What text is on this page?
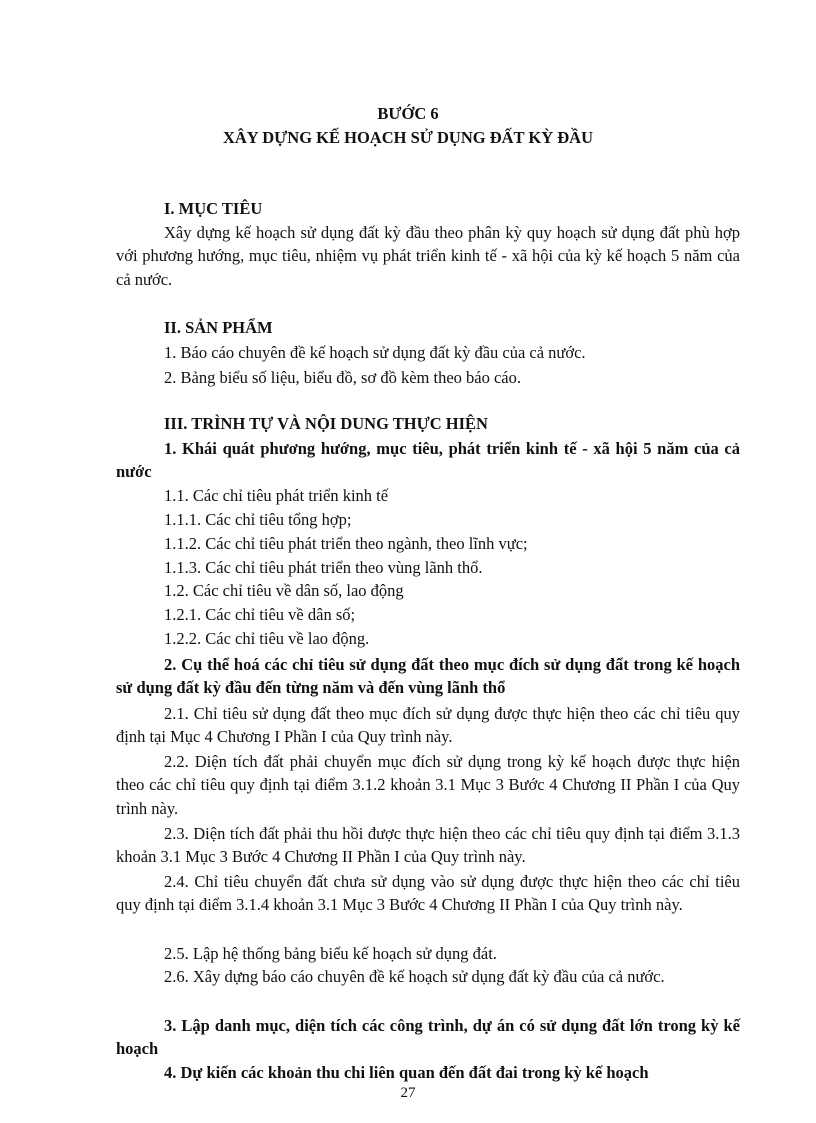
BƯỚC 6
XÂY DỰNG KẾ HOẠCH SỬ DỤNG ĐẤT KỲ ĐẦU
I. MỤC TIÊU
Xây dựng kế hoạch sử dụng đất kỳ đầu theo phân kỳ quy hoạch sử dụng đất phù hợp với phương hướng, mục tiêu, nhiệm vụ phát triển kinh tế - xã hội của kỳ kế hoạch 5 năm của cả nước.
II. SẢN PHẨM
1. Báo cáo chuyên đề kế hoạch sử dụng đất kỳ đầu của cả nước.
2. Bảng biểu số liệu, biểu đồ, sơ đồ kèm theo báo cáo.
III. TRÌNH TỰ VÀ NỘI DUNG THỰC HIỆN
1. Khái quát phương hướng, mục tiêu, phát triển kinh tế - xã hội 5 năm của cả nước
1.1. Các chỉ tiêu phát triển kinh tế
1.1.1. Các chỉ tiêu tổng hợp;
1.1.2. Các chỉ tiêu phát triển theo ngành, theo lĩnh vực;
1.1.3. Các chỉ tiêu phát triển theo vùng lãnh thổ.
1.2. Các chỉ tiêu về dân số, lao động
1.2.1. Các chỉ tiêu về dân số;
1.2.2. Các chỉ tiêu về lao động.
2. Cụ thể hoá các chỉ tiêu sử dụng đất theo mục đích sử dụng đất trong kế hoạch sử dụng đất kỳ đầu đến từng năm và đến vùng lãnh thổ
2.1. Chỉ tiêu sử dụng đất theo mục đích sử dụng được thực hiện theo các chỉ tiêu quy định tại Mục 4 Chương I Phần I của Quy trình này.
2.2. Diện tích đất phải chuyển mục đích sử dụng trong kỳ kế hoạch được thực hiện theo các chỉ tiêu quy định tại điểm 3.1.2 khoản 3.1 Mục 3 Bước 4 Chương II Phần I của Quy trình này.
2.3. Diện tích đất phải thu hồi được thực hiện theo các chỉ tiêu quy định tại điểm 3.1.3 khoản 3.1 Mục 3 Bước 4 Chương II Phần I của Quy trình này.
2.4. Chỉ tiêu chuyển đất chưa sử dụng vào sử dụng được thực hiện theo các chỉ tiêu quy định tại điểm 3.1.4 khoản 3.1 Mục 3 Bước 4 Chương II Phần I của Quy trình này.
2.5. Lập hệ thống bảng biểu kế hoạch sử dụng đát.
2.6. Xây dựng báo cáo chuyên đề kế hoạch sử dụng đất kỳ đầu của cả nước.
3. Lập danh mục, diện tích các công trình, dự án có sử dụng đất lớn trong kỳ kế hoạch
4. Dự kiến các khoản thu chi liên quan đến đất đai trong kỳ kế hoạch
27
